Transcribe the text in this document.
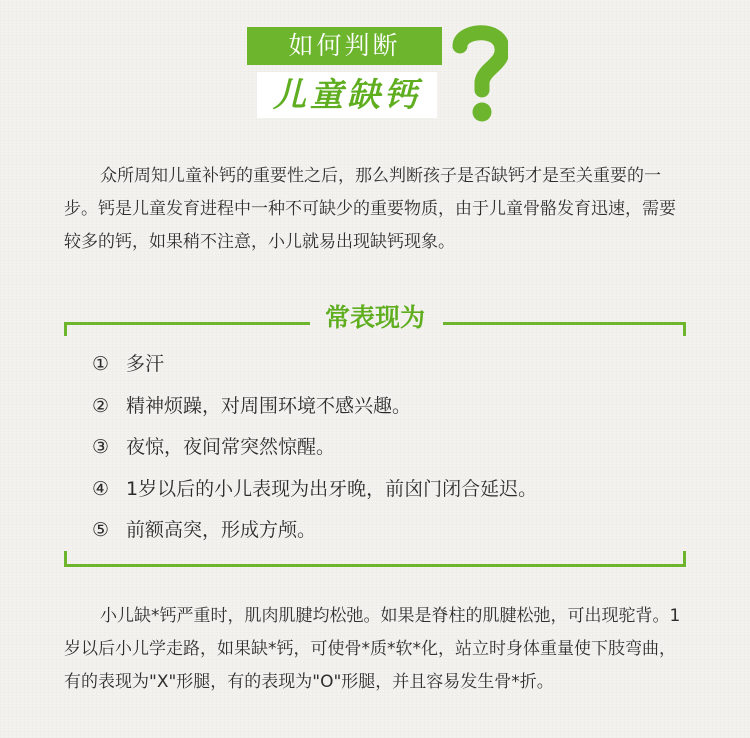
如何判断
儿童缺钙

众所周知儿童补钙的重要性之后，那么判断孩子是否缺钙才是至关重要的一步。钙是儿童发育进程中一种不可缺少的重要物质，由于儿童骨骼发育迅速，需要较多的钙，如果稍不注意，小儿就易出现缺钙现象。

常表现为
① 多汗
② 精神烦躁，对周围环境不感兴趣。
③ 夜惊，夜间常突然惊醒。
④ 1岁以后的小儿表现为出牙晚，前囟门闭合延迟。
⑤ 前额高突，形成方颅。

小儿缺*钙严重时，肌肉肌腱均松弛。如果是脊柱的肌腱松弛，可出现驼背。1岁以后小儿学走路，如果缺*钙，可使骨*质*软*化，站立时身体重量使下肢弯曲，有的表现为"X"形腿，有的表现为"O"形腿，并且容易发生骨*折。
